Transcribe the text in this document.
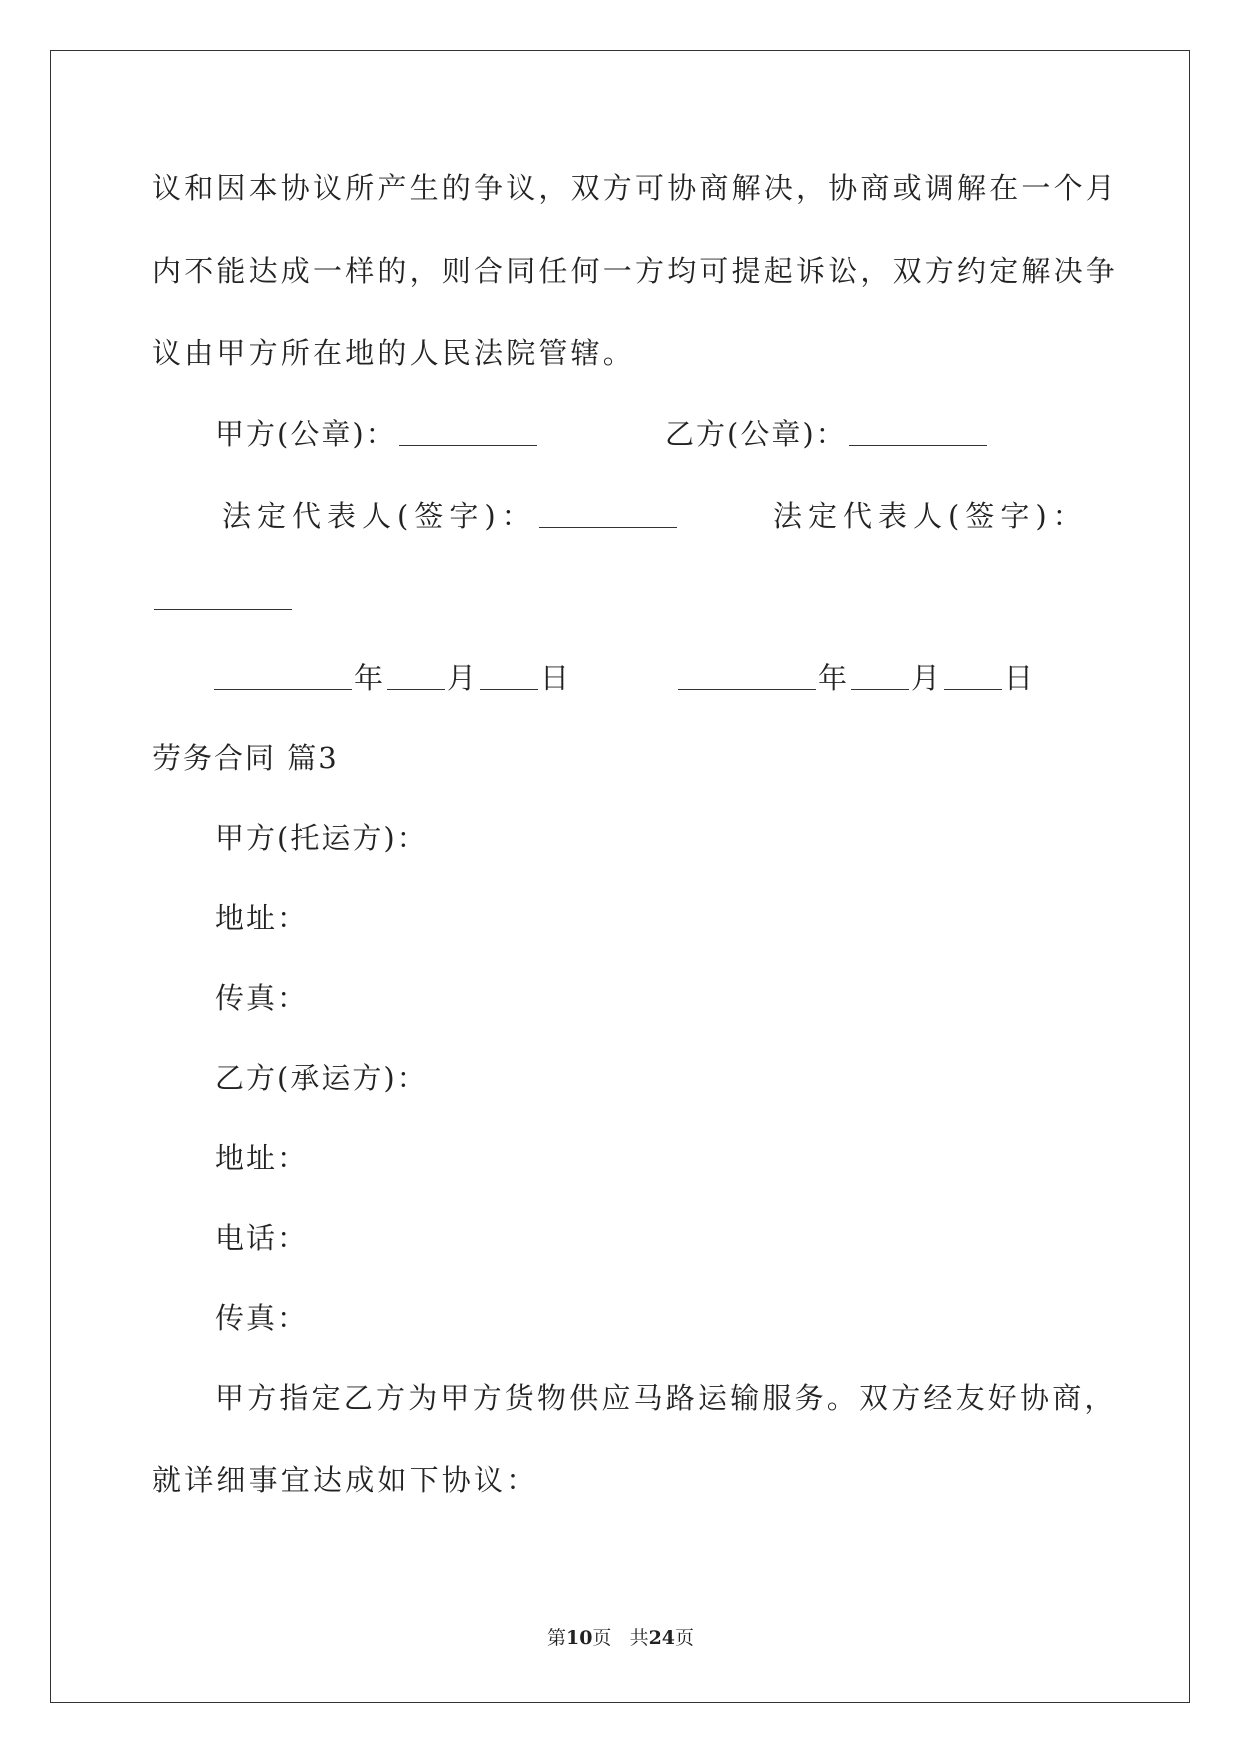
议和因本协议所产生的争议，双方可协商解决，协商或调解在一个月
内不能达成一样的，则合同任何一方均可提起诉讼，双方约定解决争
议由甲方所在地的人民法院管辖。
甲方(公章)：	乙方(公章)：
法定代表人(签字)：	法定代表人(签字)：
年 月 日	年 月 日
劳务合同 篇3
甲方(托运方)：
地址：
传真：
乙方(承运方)：
地址：
电话：
传真：
甲方指定乙方为甲方货物供应马路运输服务。双方经友好协商，
就详细事宜达成如下协议：
第10页 共24页
